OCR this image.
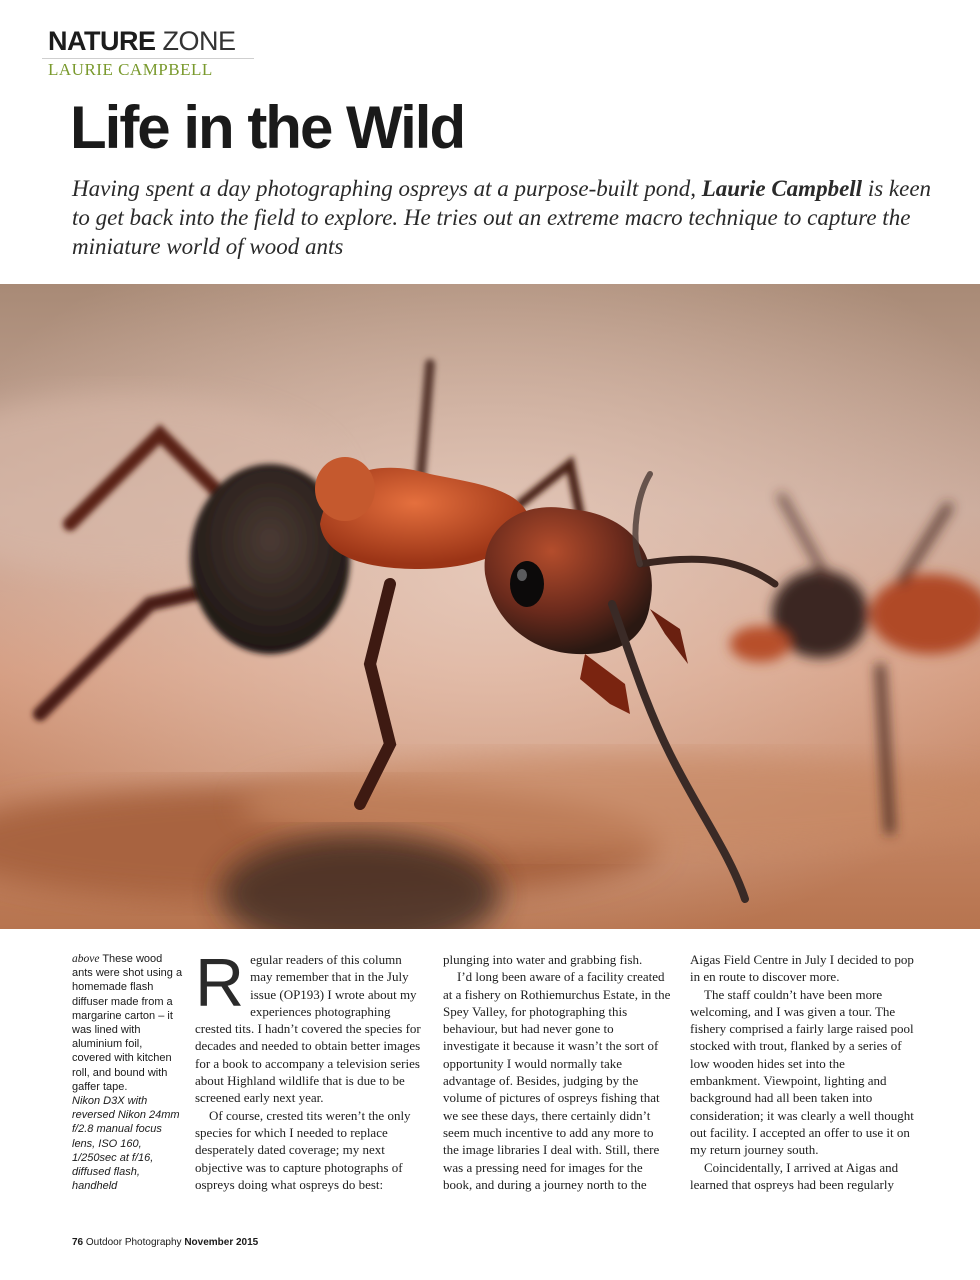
NATURE ZONE
LAURIE CAMPBELL
Life in the Wild

Having spent a day photographing ospreys at a purpose-built pond, Laurie Campbell is keen to get back into the field to explore. He tries out an extreme macro technique to capture the miniature world of wood ants

above These wood ants were shot using a homemade flash diffuser made from a margarine carton – it was lined with aluminium foil, covered with kitchen roll, and bound with gaffer tape.
Nikon D3X with reversed Nikon 24mm f/2.8 manual focus lens, ISO 160, 1/250sec at f/16, diffused flash, handheld
R egular readers of this column may remember that in the July issue (OP193) I wrote about my experiences photographing crested tits. I hadn’t covered the species for decades and needed to obtain better images for a book to accompany a television series about Highland wildlife that is due to be screened early next year.

Of course, crested tits weren’t the only species for which I needed to replace desperately dated coverage; my next objective was to capture photographs of ospreys doing what ospreys do best:

plunging into water and grabbing fish.

I’d long been aware of a facility created at a fishery on Rothiemurchus Estate, in the Spey Valley, for photographing this behaviour, but had never gone to investigate it because it wasn’t the sort of opportunity I would normally take advantage of. Besides, judging by the volume of pictures of ospreys fishing that we see these days, there certainly didn’t seem much incentive to add any more to the image libraries I deal with. Still, there was a pressing need for images for the book, and during a journey north to the

Aigas Field Centre in July I decided to pop in en route to discover more.

The staff couldn’t have been more welcoming, and I was given a tour. The fishery comprised a fairly large raised pool stocked with trout, flanked by a series of low wooden hides set into the embankment. Viewpoint, lighting and background had all been taken into consideration; it was clearly a well thought out facility. I accepted an offer to use it on my return journey south.

Coincidentally, I arrived at Aigas and learned that ospreys had been regularly

76 Outdoor Photography November 2015
